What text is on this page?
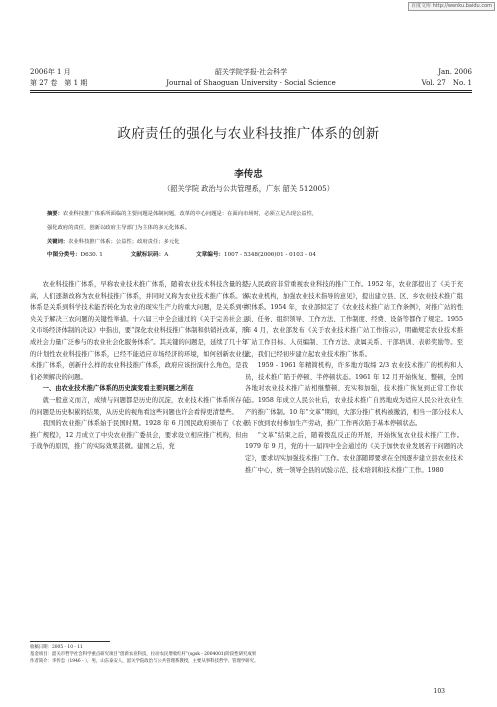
百度文库 http://wenku.baidu.com
2006年 1 月	韶关学院学报·社会科学	Jan. 2006
第 27 卷　第 1 期	Journal of Shaoguan University · Social Science	Vol. 27　No. 1
政府责任的强化与农业科技推广体系的创新
李传忠
（韶关学院 政治与公共管理系，广东 韶关 512005）
摘要：农业科技推广体系所面临的主要问题是体制问题，改革的中心问题是：在面向市场时，必须立足凸现公益性，
强化政府的责任，创新以政府主导部门为主体的多元化体系。
关键词：农业科技推广体系；公益性；政府责任；多元化
中图分类号：D630. 1	文献标识码：A	文章编号：1007 - 5348(2006)01 - 0103 - 04

农业科技推广体系，早称农业技术推广体系，随着农业技术科技含量的提高，人们逐渐改称为农业科技推广体系，并同时又称为农业技术推广体系。该体系是关系到科学技术能否转化为农业的现实生产力的重大问题，是关系到中央关于解决三农问题的关键性举措。十六届三中全会通过的《关于完善社会主义市场经济体制的决议》中指出，要“深化农业科技推广体制和供销社改革，形成社会力量广泛参与的农业社会化服务体系”。其关键的问题是，延续了几十年的计划性农业科技推广体系，已经不能适应市场经济的环境，如何创新农业技术推广体系，创新什么样的农业科技推广体系，政府应该扮演什么角色，是我们必须解决的问题。

一、由农业技术推广体系的历史演变看主要问题之所在

就一般意义而言，成绩与问题都是历史的沉淀，农业技术推广体系所存在的问题是历史积累的结果，从历史的视角看这些问题也许会看得更清楚些。

我国的农业推广体系始于民国时期。1928 年 6 月国民政府颁布了《农业推广规程》，12 月成立了中央农业推广委员会，要求设立相应推广机构，但由于战争的原因，推广的实际效果甚微。建国之后，党

与人民政府非常重视农业科技的推广工作。1952 年，农业部提出了《关于充实农业机构，加强农业技术指导的意见》，提出建立县、区、乡农业技术推广组织体系。1954 年，农业部拟定了《农业技术推广站工作条例》，对推广站的性质、任务、组织领导、工作方法、工作制度、经费、设备等都作了规定。1955 年 4 月，农业部发布《关于农业技术推广站工作指示》，明确规定农业技术推广站工作目标、人员编制、工作方法、隶属关系、干部培训、表彰奖励等。至此，我们已经初步建立起农业技术推广体系。

1959 - 1961 年精简机构，许多地方取缔 2/3 农业技术推广的机构和人员，技术推广陷于停顿、半停顿状态。1961 年 12 月开始恢复、整顿，全国各地对农业技术推广站相继整顿、充实和加强，技术推广恢复到正常工作状态。1958 年成立人民公社后，农业技术推广自然地成为适应人民公社农业生产的推广体制。10 年“文革”期间，大部分推广机构被撤消，相当一部分技术人员下放到农村参加生产劳动，推广工作再次陷于基本停顿状态。

“文革”结束之后，随着拨乱反正的开展，开始恢复农业技术推广工作。1979 年 9 月，党的十一届四中全会通过的《关于加快农业发展若干问题的决定》，要求切实加强技术推广工作。农业部随即要求在全国逐步建立县农业技术推广中心，统一领导全县的试验示范、技术培训和技术推广工作。1980

收稿日期：2005 - 10 - 11
基金项目：韶关市哲学社会科学重点研究项目“创新农业科技，拉动农民增收红杆”(sgsk - 2004001)阶段性研究成果
作者简介：李传忠（1946 - ），男，山东泰安人，韶关学院政治与公共管理系教授，主要从事科技哲学、管理学研究。
103
